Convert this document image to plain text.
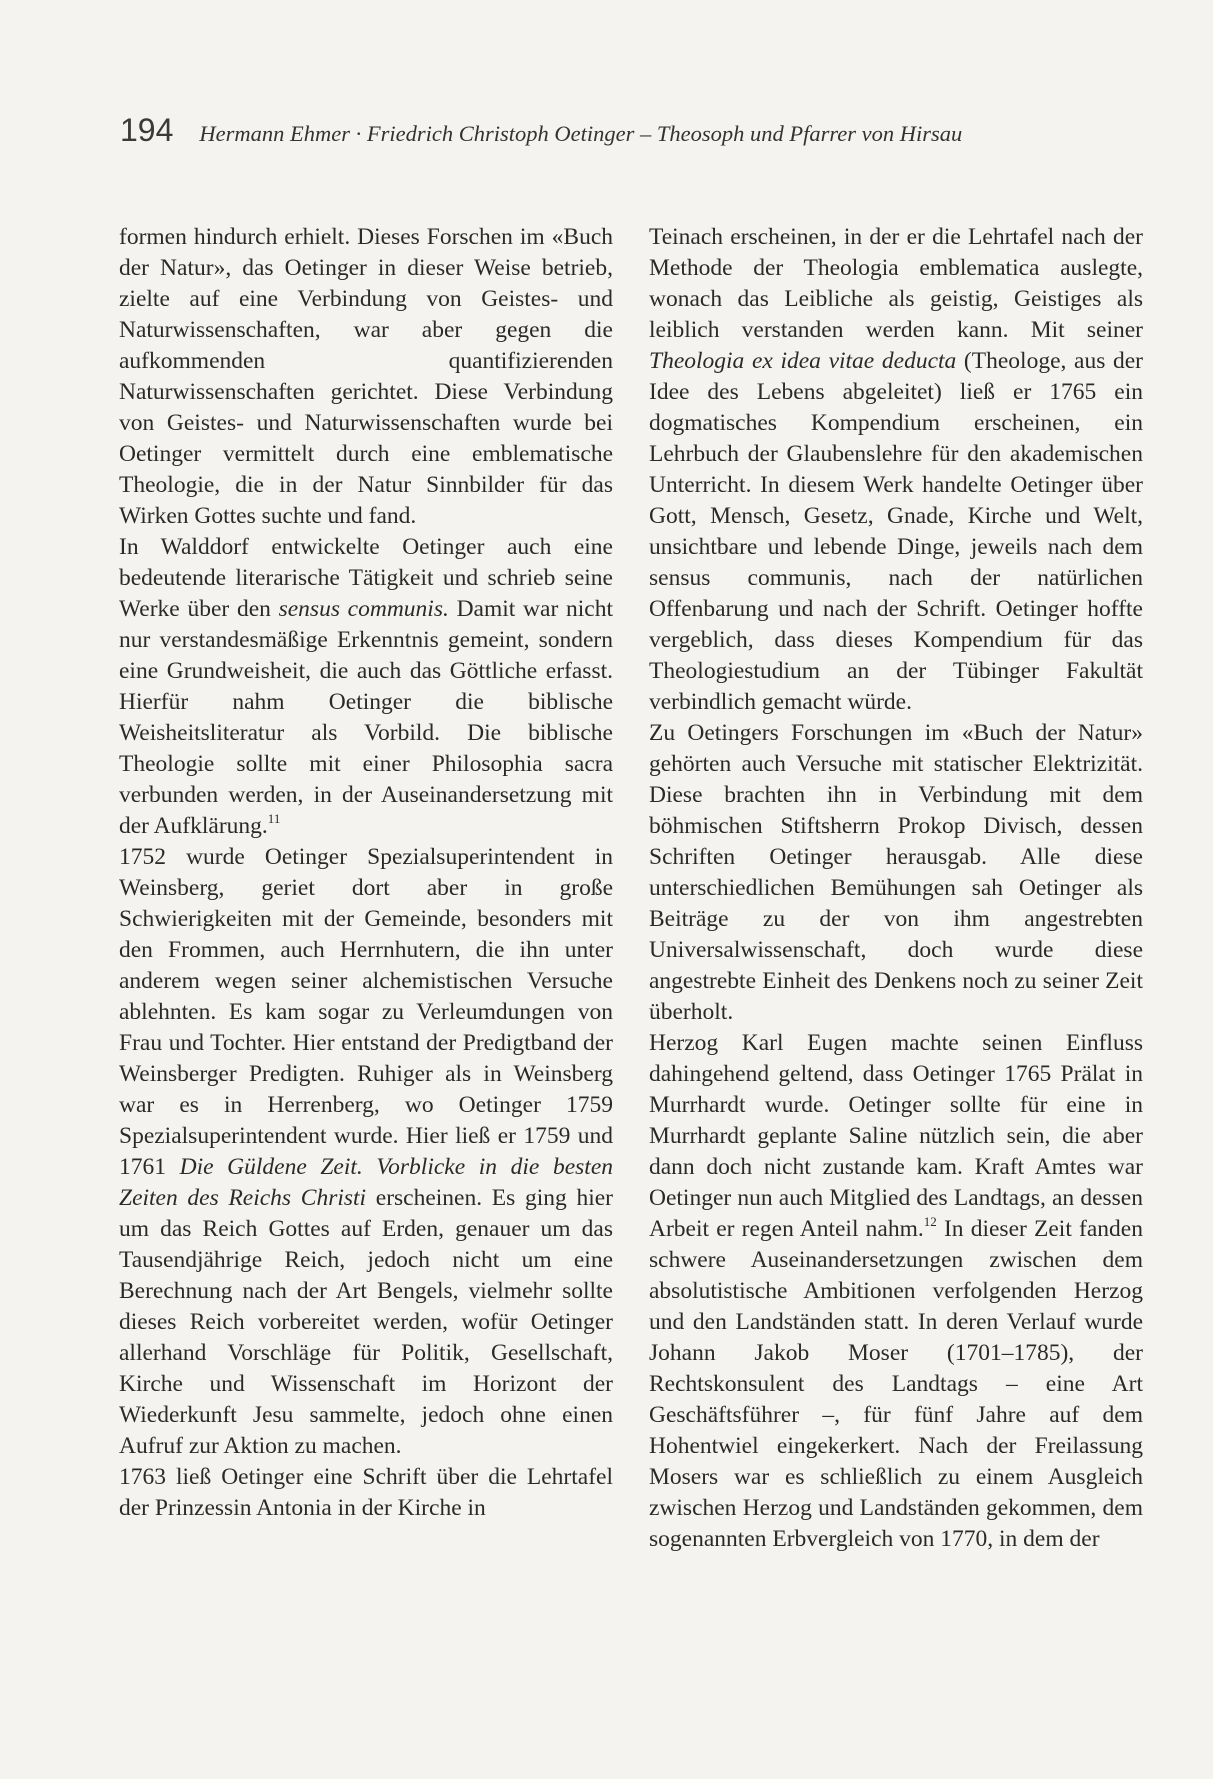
194 Hermann Ehmer · Friedrich Christoph Oetinger – Theosoph und Pfarrer von Hirsau

formen hindurch erhielt. Dieses Forschen im «Buch der Natur», das Oetinger in dieser Weise betrieb, zielte auf eine Verbindung von Geistes- und Naturwissenschaften, war aber gegen die aufkommenden quantifizierenden Naturwissenschaften gerichtet. Diese Verbindung von Geistes- und Naturwissenschaften wurde bei Oetinger vermittelt durch eine emblematische Theologie, die in der Natur Sinnbilder für das Wirken Gottes suchte und fand.

In Walddorf entwickelte Oetinger auch eine bedeutende literarische Tätigkeit und schrieb seine Werke über den sensus communis. Damit war nicht nur verstandesmäßige Erkenntnis gemeint, sondern eine Grundweisheit, die auch das Göttliche erfasst. Hierfür nahm Oetinger die biblische Weisheitsliteratur als Vorbild. Die biblische Theologie sollte mit einer Philosophia sacra verbunden werden, in der Auseinandersetzung mit der Aufklärung.$^{11}$

1752 wurde Oetinger Spezialsuperintendent in Weinsberg, geriet dort aber in große Schwierigkeiten mit der Gemeinde, besonders mit den Frommen, auch Herrnhutern, die ihn unter anderem wegen seiner alchemistischen Versuche ablehnten. Es kam sogar zu Verleumdungen von Frau und Tochter. Hier entstand der Predigtband der Weinsberger Predigten. Ruhiger als in Weinsberg war es in Herrenberg, wo Oetinger 1759 Spezialsuperintendent wurde. Hier ließ er 1759 und 1761 Die Güldene Zeit. Vorblicke in die besten Zeiten des Reichs Christi erscheinen. Es ging hier um das Reich Gottes auf Erden, genauer um das Tausendjährige Reich, jedoch nicht um eine Berechnung nach der Art Bengels, vielmehr sollte dieses Reich vorbereitet werden, wofür Oetinger allerhand Vorschläge für Politik, Gesellschaft, Kirche und Wissenschaft im Horizont der Wiederkunft Jesu sammelte, jedoch ohne einen Aufruf zur Aktion zu machen.

1763 ließ Oetinger eine Schrift über die Lehrtafel der Prinzessin Antonia in der Kirche in

Teinach erscheinen, in der er die Lehrtafel nach der Methode der Theologia emblematica auslegte, wonach das Leibliche als geistig, Geistiges als leiblich verstanden werden kann. Mit seiner Theologia ex idea vitae deducta (Theologe, aus der Idee des Lebens abgeleitet) ließ er 1765 ein dogmatisches Kompendium erscheinen, ein Lehrbuch der Glaubenslehre für den akademischen Unterricht. In diesem Werk handelte Oetinger über Gott, Mensch, Gesetz, Gnade, Kirche und Welt, unsichtbare und lebende Dinge, jeweils nach dem sensus communis, nach der natürlichen Offenbarung und nach der Schrift. Oetinger hoffte vergeblich, dass dieses Kompendium für das Theologiestudium an der Tübinger Fakultät verbindlich gemacht würde.

Zu Oetingers Forschungen im «Buch der Natur» gehörten auch Versuche mit statischer Elektrizität. Diese brachten ihn in Verbindung mit dem böhmischen Stiftsherrn Prokop Divisch, dessen Schriften Oetinger herausgab. Alle diese unterschiedlichen Bemühungen sah Oetinger als Beiträge zu der von ihm angestrebten Universalwissenschaft, doch wurde diese angestrebte Einheit des Denkens noch zu seiner Zeit überholt.

Herzog Karl Eugen machte seinen Einfluss dahingehend geltend, dass Oetinger 1765 Prälat in Murrhardt wurde. Oetinger sollte für eine in Murrhardt geplante Saline nützlich sein, die aber dann doch nicht zustande kam. Kraft Amtes war Oetinger nun auch Mitglied des Landtags, an dessen Arbeit er regen Anteil nahm.$^{12}$ In dieser Zeit fanden schwere Auseinandersetzungen zwischen dem absolutistische Ambitionen verfolgenden Herzog und den Landständen statt. In deren Verlauf wurde Johann Jakob Moser (1701–1785), der Rechtskonsulent des Landtags – eine Art Geschäftsführer –, für fünf Jahre auf dem Hohentwiel eingekerkert. Nach der Freilassung Mosers war es schließlich zu einem Ausgleich zwischen Herzog und Landständen gekommen, dem sogenannten Erbvergleich von 1770, in dem der
